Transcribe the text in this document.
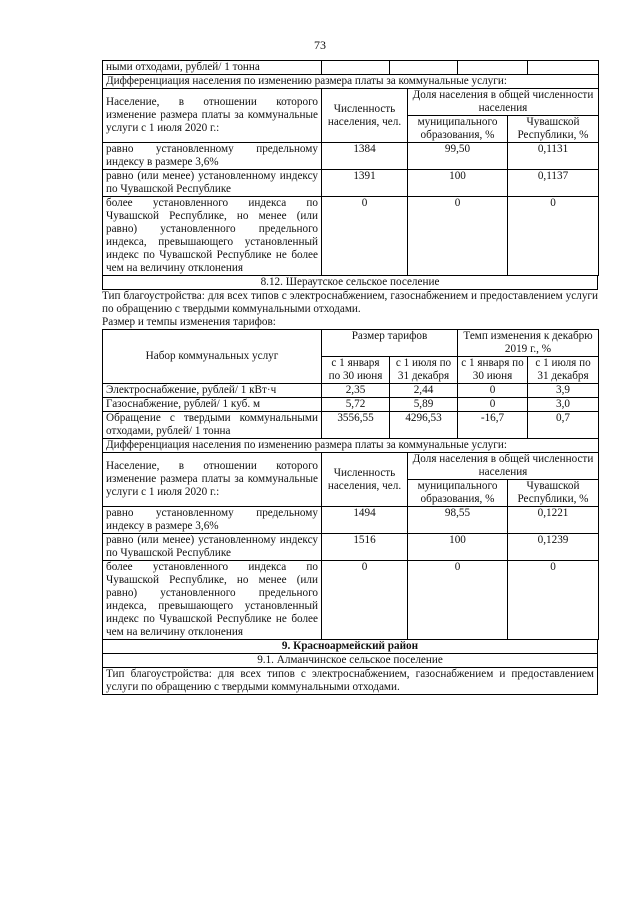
73
ными отходами, рублей/ 1 тонна				
Дифференциация населения по изменению размера платы за коммунальные услуги:			
Население, в отношении которого изменение размера платы за коммунальные услуги с 1 июля 2020 г.:	Численность населения, чел.	Доля населения в общей численности населения	
		муниципального образования, %	Чувашской Республики, %
равно установленному предельному индексу в размере 3,6%	1384	99,50	0,1131
равно (или менее) установленному индексу по Чувашской Республике	1391	100	0,1137
более установленного индекса по Чувашской Республике, но менее (или равно) установленного предельного индекса, превышающего установленный индекс по Чувашской Республике не более чем на величину отклонения	0	0	0
8.12. Шераутское сельское поселение
Тип благоустройства: для всех типов с электроснабжением, газоснабжением и предоставлением услуги по обращению с твердыми коммунальными отходами.
Размер и темпы изменения тарифов:
Набор коммунальных услуг	Размер тарифов		Темп изменения к декабрю 2019 г., %	
	с 1 января по 30 июня	с 1 июля по 31 декабря	с 1 января по 30 июня	с 1 июля по 31 декабря
Электроснабжение, рублей/ 1 кВт·ч	2,35	2,44	0	3,9
Газоснабжение, рублей/ 1 куб. м	5,72	5,89	0	3,0
Обращение с твердыми коммунальными отходами, рублей/ 1 тонна	3556,55	4296,53	-16,7	0,7
Дифференциация населения по изменению размера платы за коммунальные услуги:			
Население, в отношении которого изменение размера платы за коммунальные услуги с 1 июля 2020 г.:	Численность населения, чел.	Доля населения в общей численности населения	
		муниципального образования, %	Чувашской Республики, %
равно установленному предельному индексу в размере 3,6%	1494	98,55	0,1221
равно (или менее) установленному индексу по Чувашской Республике	1516	100	0,1239
более установленного индекса по Чувашской Республике, но менее (или равно) установленного предельного индекса, превышающего установленный индекс по Чувашской Республике не более чем на величину отклонения	0	0	0
9. Красноармейский район
9.1. Алманчинское сельское поселение
Тип благоустройства: для всех типов с электроснабжением, газоснабжением и предоставлением услуги по обращению с твердыми коммунальными отходами.
